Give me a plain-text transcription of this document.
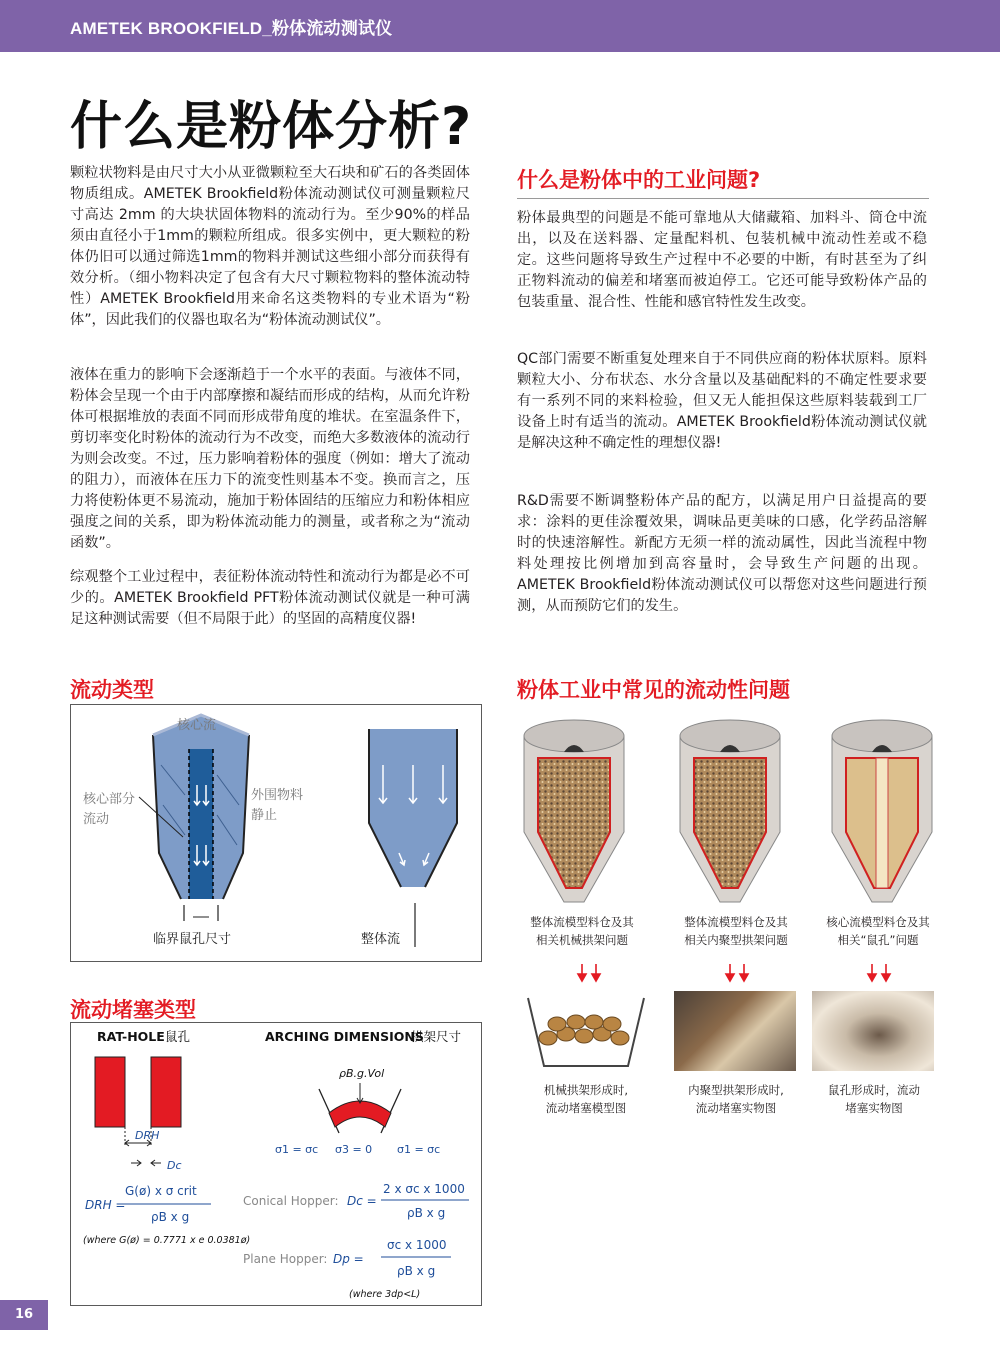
AMETEK BROOKFIELD_粉体流动测试仪
什么是粉体分析?

颗粒状物料是由尺寸大小从亚微颗粒至大石块和矿石的各类固体物质组成。AMETEK Brookfield粉体流动测试仪可测量颗粒尺寸高达 2mm 的大块状固体物料的流动行为。至少90%的样品须由直径小于1mm的颗粒所组成。很多实例中，更大颗粒的粉体仍旧可以通过筛选1mm的物料并测试这些细小部分而获得有效分析。（细小物料决定了包含有大尺寸颗粒物料的整体流动特性）AMETEK Brookfield用来命名这类物料的专业术语为“粉体”，因此我们的仪器也取名为“粉体流动测试仪”。

液体在重力的影响下会逐渐趋于一个水平的表面。与液体不同，粉体会呈现一个由于内部摩擦和凝结而形成的结构，从而允许粉体可根据堆放的表面不同而形成带角度的堆状。在室温条件下，剪切率变化时粉体的流动行为不改变，而绝大多数液体的流动行为则会改变。不过，压力影响着粉体的强度（例如：增大了流动的阻力），而液体在压力下的流变性则基本不变。换而言之，压力将使粉体更不易流动，施加于粉体固结的压缩应力和粉体相应强度之间的关系，即为粉体流动能力的测量，或者称之为“流动函数”。

综观整个工业过程中，表征粉体流动特性和流动行为都是必不可少的。AMETEK Brookfield PFT粉体流动测试仪就是一种可满足这种测试需要（但不局限于此）的坚固的高精度仪器!

什么是粉体中的工业问题?

粉体最典型的问题是不能可靠地从大储藏箱、加料斗、筒仓中流出，以及在送料器、定量配料机、包装机械中流动性差或不稳定。这些问题将导致生产过程中不必要的中断，有时甚至为了纠正物料流动的偏差和堵塞而被迫停工。它还可能导致粉体产品的包装重量、混合性、性能和感官特性发生改变。

QC部门需要不断重复处理来自于不同供应商的粉体状原料。原料颗粒大小、分布状态、水分含量以及基础配料的不确定性要求要有一系列不同的来料检验，但又无人能担保这些原料装载到工厂设备上时有适当的流动。AMETEK Brookfield粉体流动测试仪就是解决这种不确定性的理想仪器!

R&D需要不断调整粉体产品的配方，以满足用户日益提高的要求：涂料的更佳涂覆效果，调味品更美味的口感，化学药品溶解时的快速溶解性。新配方无须一样的流动属性，因此当流程中物料处理按比例增加到高容量时，会导致生产问题的出现。AMETEK Brookfield粉体流动测试仪可以帮您对这些问题进行预测，从而预防它们的发生。

流动类型
核心流
核心部分
流动
外围物料
静止
临界鼠孔尺寸	整体流
流动堵塞类型
RAT-HOLE 鼠孔	ARCHING DIMENSIONS
拱架尺寸
DRH
Dc
ρB.g.Vol
σ1 = σc σ3 = 0 σ1 = σc
DRH =
G(ø) x σ crit
ρB x g
(where G(ø) = 0.7771 x e 0.0381ø)
Conical Hopper: Dc =
2 x σc x 1000
ρB x g
Plane Hopper: Dp =
σc x 1000
ρB x g
(where 3dp<L)
粉体工业中常见的流动性问题
整体流模型料仓及其
相关机械拱架问题
整体流模型料仓及其
相关内聚型拱架问题
核心流模型料仓及其
相关“鼠孔”问题
机械拱架形成时,
流动堵塞模型图
内聚型拱架形成时,
流动堵塞实物图
鼠孔形成时，流动
堵塞实物图
16
